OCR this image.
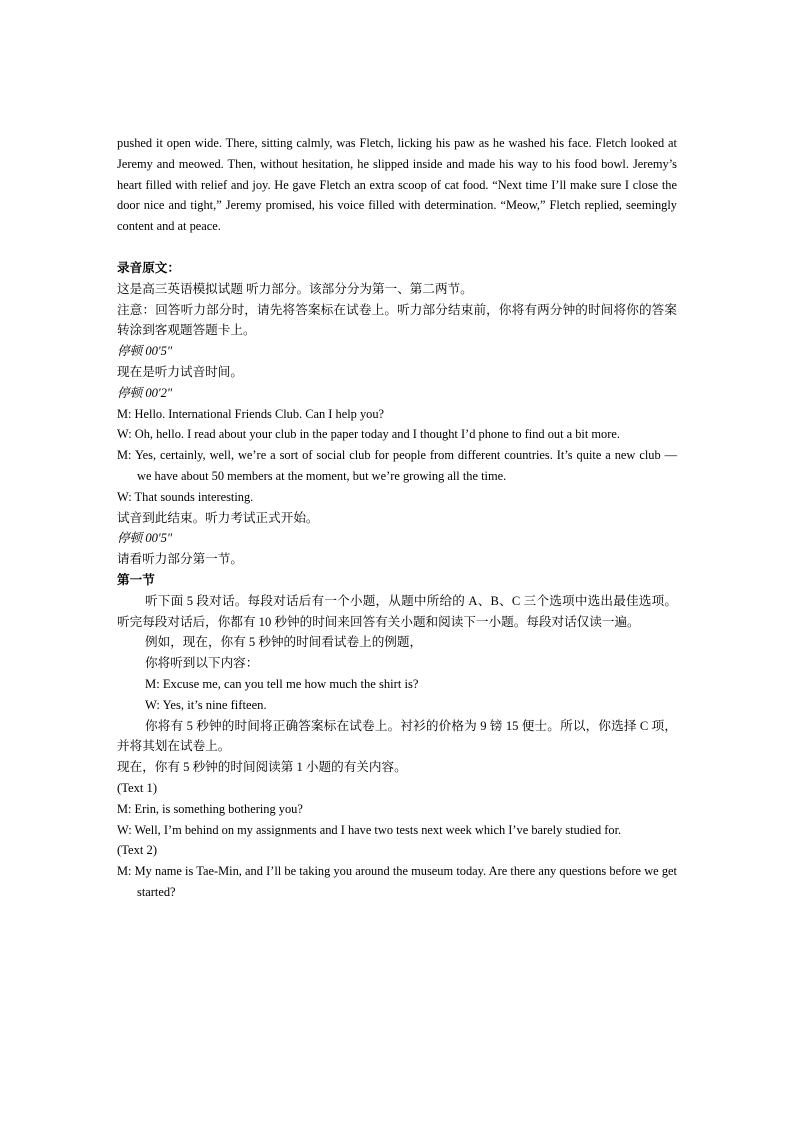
pushed it open wide. There, sitting calmly, was Fletch, licking his paw as he washed his face. Fletch looked at Jeremy and meowed. Then, without hesitation, he slipped inside and made his way to his food bowl. Jeremy’s heart filled with relief and joy. He gave Fletch an extra scoop of cat food. “Next time I’ll make sure I close the door nice and tight,” Jeremy promised, his voice filled with determination. “Meow,” Fletch replied, seemingly content and at peace.

录音原文：

这是高三英语模拟试题 听力部分。该部分分为第一、第二两节。

注意：回答听力部分时，请先将答案标在试卷上。听力部分结束前，你将有两分钟的时间将你的答案转涂到客观题答题卡上。

停顿 00'5"

现在是听力试音时间。

停顿 00'2"

M: Hello. International Friends Club. Can I help you?

W: Oh, hello. I read about your club in the paper today and I thought I’d phone to find out a bit more.

M: Yes, certainly, well, we’re a sort of social club for people from different countries. It’s quite a new club — we have about 50 members at the moment, but we’re growing all the time.

W: That sounds interesting.

试音到此结束。听力考试正式开始。

停顿 00'5"

请看听力部分第一节。

第一节

听下面 5 段对话。每段对话后有一个小题，从题中所给的 A、B、C 三个选项中选出最佳选项。听完每段对话后，你都有 10 秒钟的时间来回答有关小题和阅读下一小题。每段对话仅读一遍。

例如，现在，你有 5 秒钟的时间看试卷上的例题，

你将听到以下内容：

M: Excuse me, can you tell me how much the shirt is?

W: Yes, it’s nine fifteen.

你将有 5 秒钟的时间将正确答案标在试卷上。衬衫的价格为 9 镑 15 便士。所以，你选择 C 项，并将其划在试卷上。

现在，你有 5 秒钟的时间阅读第 1 小题的有关内容。

(Text 1)

M: Erin, is something bothering you?

W: Well, I’m behind on my assignments and I have two tests next week which I’ve barely studied for.

(Text 2)

M: My name is Tae-Min, and I’ll be taking you around the museum today. Are there any questions before we get started?
